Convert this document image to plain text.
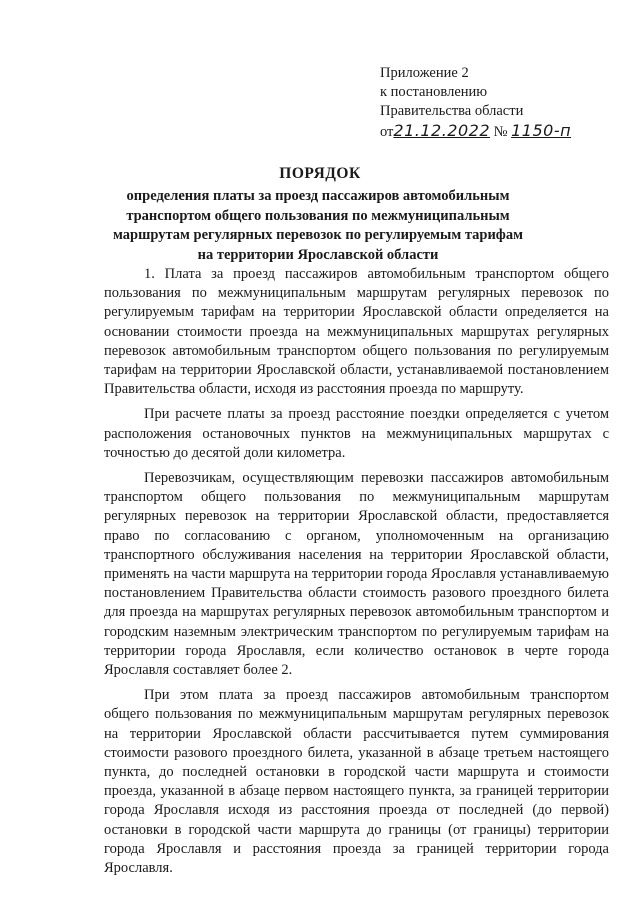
Приложение 2
к постановлению
Правительства области
от21.12.2022 № 1150-п
ПОРЯДОК
определения платы за проезд пассажиров автомобильным транспортом общего пользования по межмуниципальным маршрутам регулярных перевозок по регулируемым тарифам на территории Ярославской области

1. Плата за проезд пассажиров автомобильным транспортом общего пользования по межмуниципальным маршрутам регулярных перевозок по регулируемым тарифам на территории Ярославской области определяется на основании стоимости проезда на межмуниципальных маршрутах регулярных перевозок автомобильным транспортом общего пользования по регулируемым тарифам на территории Ярославской области, устанавливаемой постановлением Правительства области, исходя из расстояния проезда по маршруту.

При расчете платы за проезд расстояние поездки определяется с учетом расположения остановочных пунктов на межмуниципальных маршрутах с точностью до десятой доли километра.

Перевозчикам, осуществляющим перевозки пассажиров автомобильным транспортом общего пользования по межмуниципальным маршрутам регулярных перевозок на территории Ярославской области, предоставляется право по согласованию с органом, уполномоченным на организацию транспортного обслуживания населения на территории Ярославской области, применять на части маршрута на территории города Ярославля устанавливаемую постановлением Правительства области стоимость разового проездного билета для проезда на маршрутах регулярных перевозок автомобильным транспортом и городским наземным электрическим транспортом по регулируемым тарифам на территории города Ярославля, если количество остановок в черте города Ярославля составляет более 2.

При этом плата за проезд пассажиров автомобильным транспортом общего пользования по межмуниципальным маршрутам регулярных перевозок на территории Ярославской области рассчитывается путем суммирования стоимости разового проездного билета, указанной в абзаце третьем настоящего пункта, до последней остановки в городской части маршрута и стоимости проезда, указанной в абзаце первом настоящего пункта, за границей территории города Ярославля исходя из расстояния проезда от последней (до первой) остановки в городской части маршрута до границы (от границы) территории города Ярославля и расстояния проезда за границей территории города Ярославля.
